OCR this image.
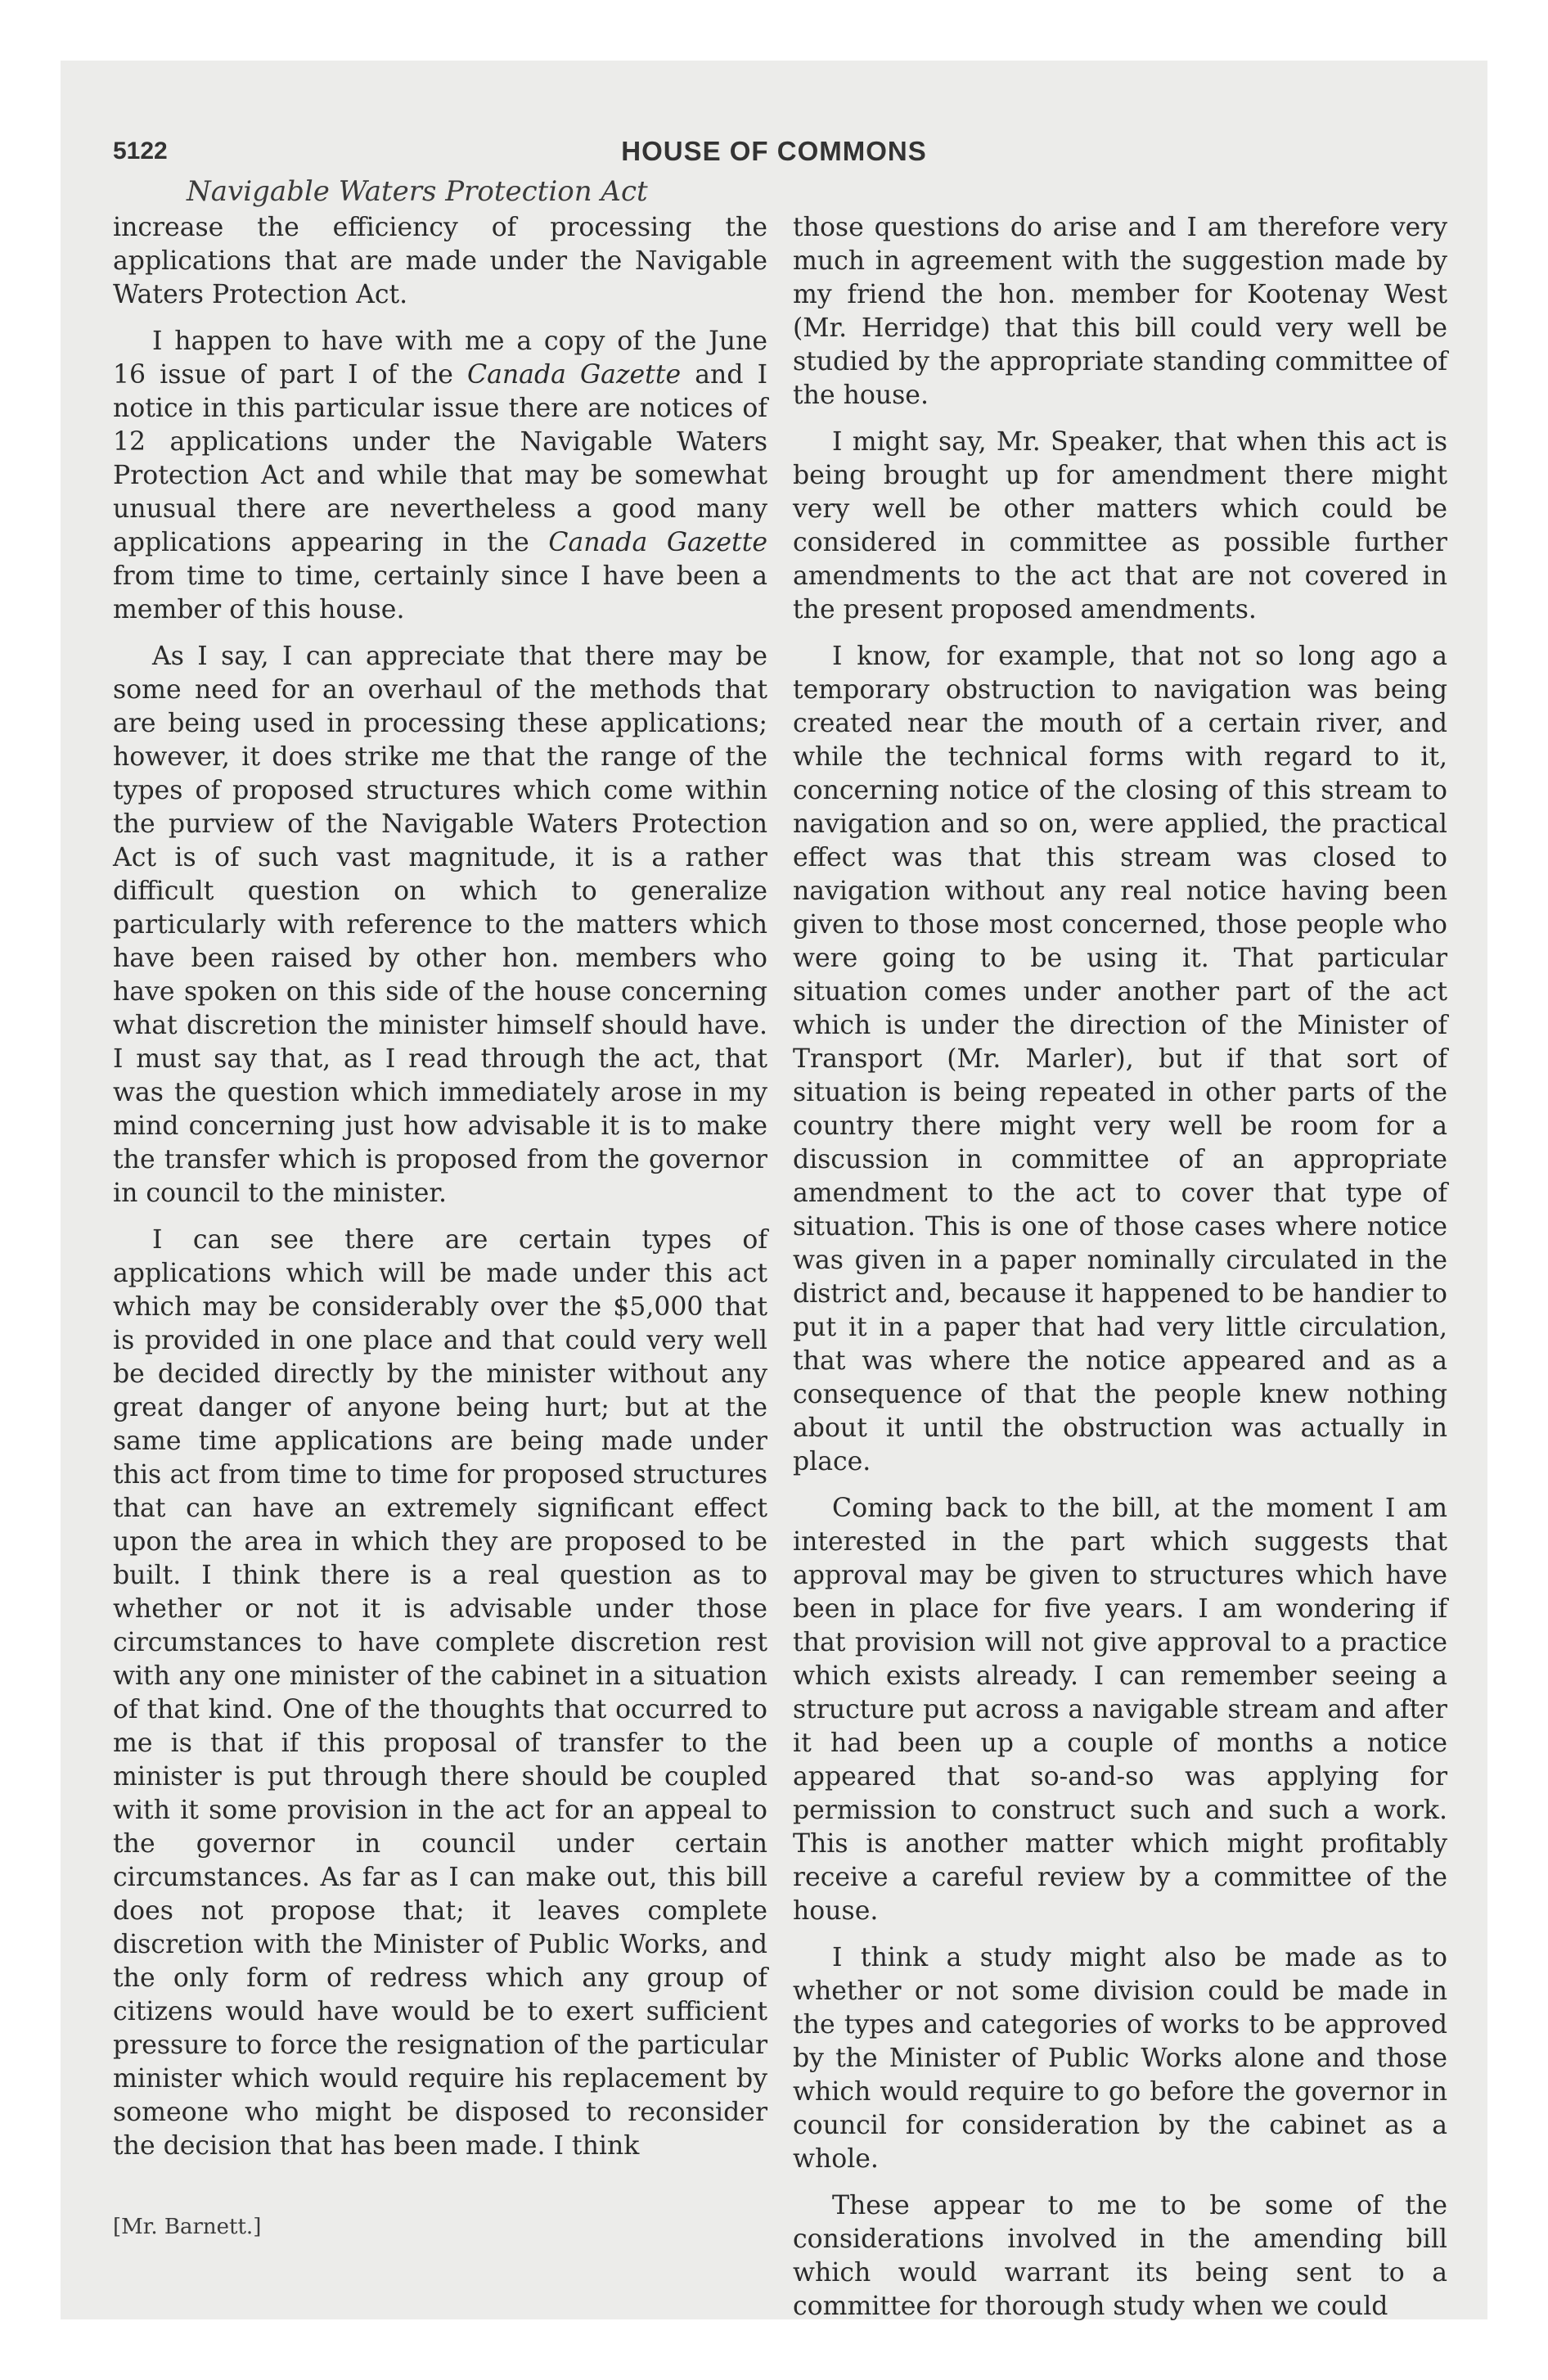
5122	HOUSE OF COMMONS
Navigable Waters Protection Act

increase the efficiency of processing the applications that are made under the Navigable Waters Protection Act.

I happen to have with me a copy of the June 16 issue of part I of the Canada Gazette and I notice in this particular issue there are notices of 12 applications under the Navigable Waters Protection Act and while that may be somewhat unusual there are nevertheless a good many applications appearing in the Canada Gazette from time to time, certainly since I have been a member of this house.

As I say, I can appreciate that there may be some need for an overhaul of the methods that are being used in processing these applications; however, it does strike me that the range of the types of proposed structures which come within the purview of the Navigable Waters Protection Act is of such vast magnitude, it is a rather difficult question on which to generalize particularly with reference to the matters which have been raised by other hon. members who have spoken on this side of the house concerning what discretion the minister himself should have. I must say that, as I read through the act, that was the question which immediately arose in my mind concerning just how advisable it is to make the transfer which is proposed from the governor in council to the minister.

I can see there are certain types of applications which will be made under this act which may be considerably over the $5,000 that is provided in one place and that could very well be decided directly by the minister without any great danger of anyone being hurt; but at the same time applications are being made under this act from time to time for proposed structures that can have an extremely significant effect upon the area in which they are proposed to be built. I think there is a real question as to whether or not it is advisable under those circumstances to have complete discretion rest with any one minister of the cabinet in a situation of that kind. One of the thoughts that occurred to me is that if this proposal of transfer to the minister is put through there should be coupled with it some provision in the act for an appeal to the governor in council under certain circumstances. As far as I can make out, this bill does not propose that; it leaves complete discretion with the Minister of Public Works, and the only form of redress which any group of citizens would have would be to exert sufficient pressure to force the resignation of the particular minister which would require his replacement by someone who might be disposed to reconsider the decision that has been made. I think

those questions do arise and I am therefore very much in agreement with the suggestion made by my friend the hon. member for Kootenay West (Mr. Herridge) that this bill could very well be studied by the appropriate standing committee of the house.

I might say, Mr. Speaker, that when this act is being brought up for amendment there might very well be other matters which could be considered in committee as possible further amendments to the act that are not covered in the present proposed amendments.

I know, for example, that not so long ago a temporary obstruction to navigation was being created near the mouth of a certain river, and while the technical forms with regard to it, concerning notice of the closing of this stream to navigation and so on, were applied, the practical effect was that this stream was closed to navigation without any real notice having been given to those most concerned, those people who were going to be using it. That particular situation comes under another part of the act which is under the direction of the Minister of Transport (Mr. Marler), but if that sort of situation is being repeated in other parts of the country there might very well be room for a discussion in committee of an appropriate amendment to the act to cover that type of situation. This is one of those cases where notice was given in a paper nominally circulated in the district and, because it happened to be handier to put it in a paper that had very little circulation, that was where the notice appeared and as a consequence of that the people knew nothing about it until the obstruction was actually in place.

Coming back to the bill, at the moment I am interested in the part which suggests that approval may be given to structures which have been in place for five years. I am wondering if that provision will not give approval to a practice which exists already. I can remember seeing a structure put across a navigable stream and after it had been up a couple of months a notice appeared that so-and-so was applying for permission to construct such and such a work. This is another matter which might profitably receive a careful review by a committee of the house.

I think a study might also be made as to whether or not some division could be made in the types and categories of works to be approved by the Minister of Public Works alone and those which would require to go before the governor in council for consideration by the cabinet as a whole.

These appear to me to be some of the considerations involved in the amending bill which would warrant its being sent to a committee for thorough study when we could

[Mr. Barnett.]
